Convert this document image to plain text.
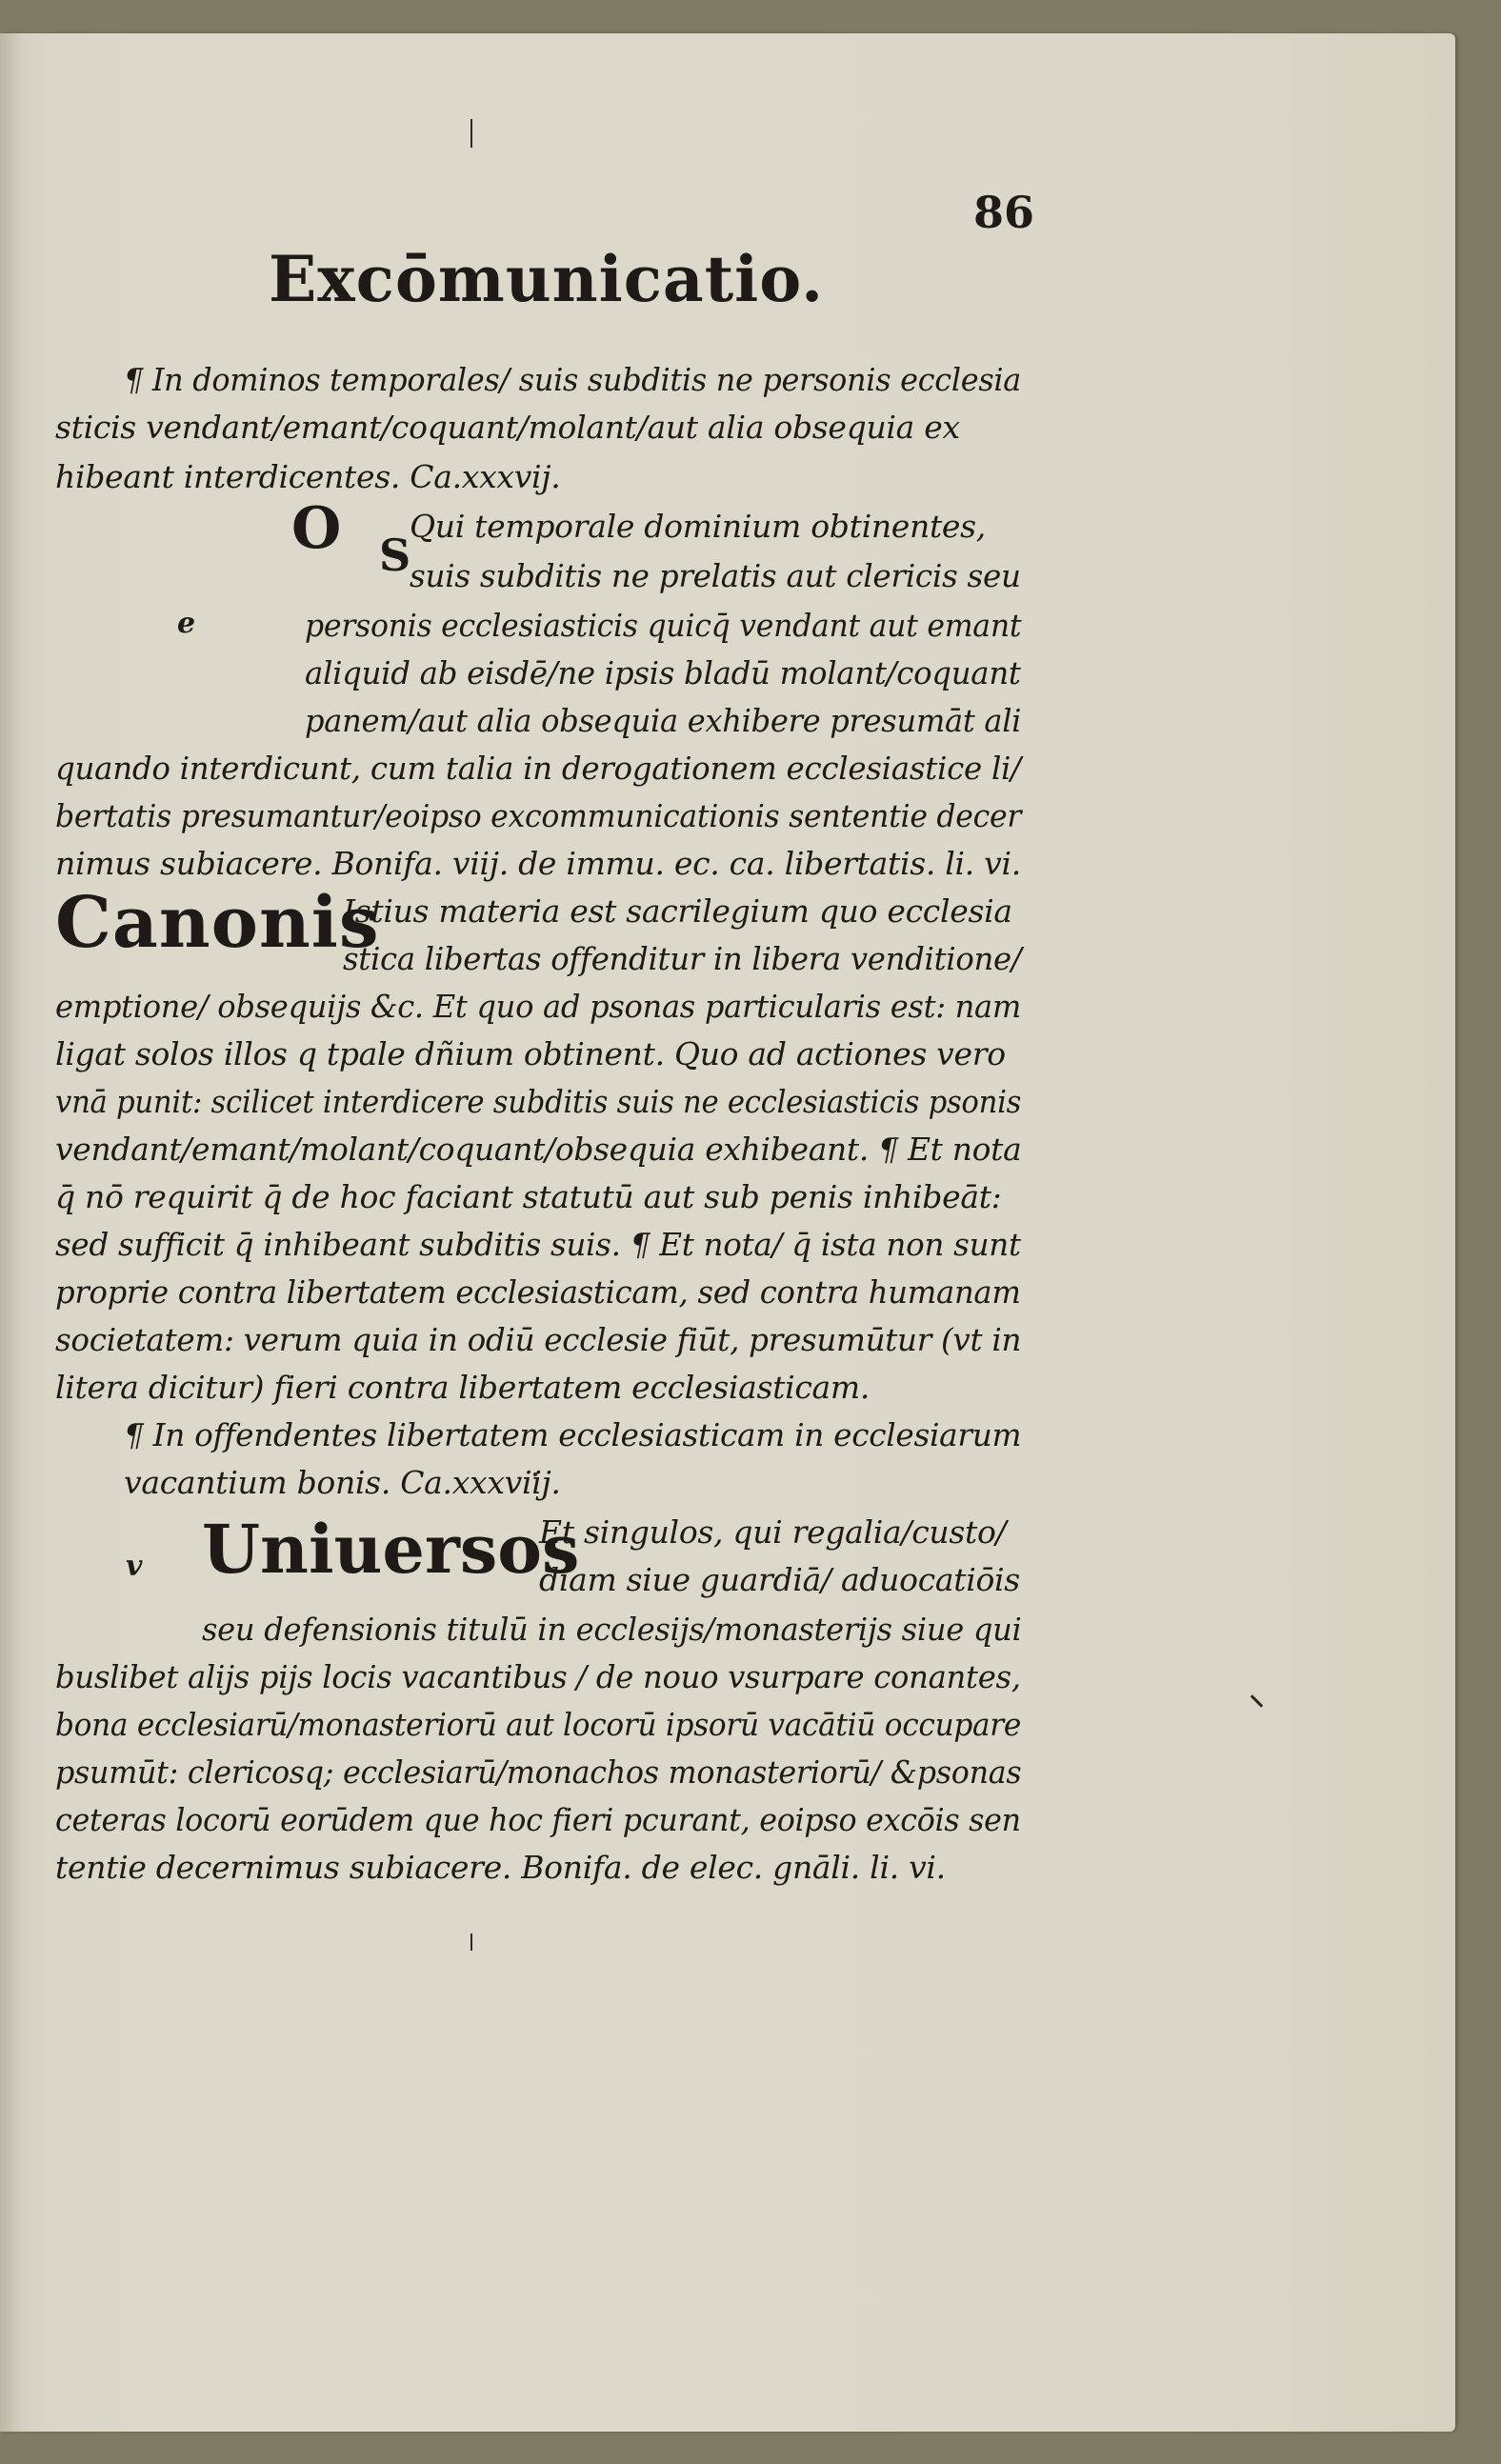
86
Excōmunicatio.
O S
e
Canonis
v Uniuersos
¶ In dominos temporales/ suis subditis ne personis ecclesia
sticis vendant/emant/coquant/molant/aut alia obsequia ex
hibeant interdicentes. Ca.xxxvij.
Qui temporale dominium obtinentes,
suis subditis ne prelatis aut clericis seu
personis ecclesiasticis quicq̄ vendant aut emant
aliquid ab eisdē/ne ipsis bladū molant/coquant
panem/aut alia obsequia exhibere presumāt ali
quando interdicunt, cum talia in derogationem ecclesiastice li/
bertatis presumantur/eoipso excommunicationis sententie decer
nimus subiacere. Bonifa. viij. de immu. ec. ca. libertatis. li. vi.
Istius materia est sacrilegium quo ecclesia
stica libertas offenditur in libera venditione/
emptione/ obsequijs &c. Et quo ad psonas particularis est: nam
ligat solos illos q tpale dñium obtinent. Quo ad actiones vero
vnā punit: scilicet interdicere subditis suis ne ecclesiasticis psonis
vendant/emant/molant/coquant/obsequia exhibeant. ¶ Et nota
q̄ nō requirit q̄ de hoc faciant statutū aut sub penis inhibeāt:
sed sufficit q̄ inhibeant subditis suis. ¶ Et nota/ q̄ ista non sunt
proprie contra libertatem ecclesiasticam, sed contra humanam
societatem: verum quia in odiū ecclesie fiūt, presumūtur (vt in
litera dicitur) fieri contra libertatem ecclesiasticam.
¶ In offendentes libertatem ecclesiasticam in ecclesiarum
vacantium bonis. Ca.xxxviij.
Et singulos, qui regalia/custo/
diam siue guardiā/ aduocatiōis
seu defensionis titulū in ecclesijs/monasterijs siue qui
buslibet alijs pijs locis vacantibus / de nouo vsurpare conantes,
bona ecclesiarū/monasteriorū aut locorū ipsorū vacātiū occupare
psumūt: clericosq; ecclesiarū/monachos monasteriorū/ &psonas
ceteras locorū eorūdem que hoc fieri pcurant, eoipso excōis sen
tentie decernimus subiacere. Bonifa. de elec. gnāli. li. vi.
